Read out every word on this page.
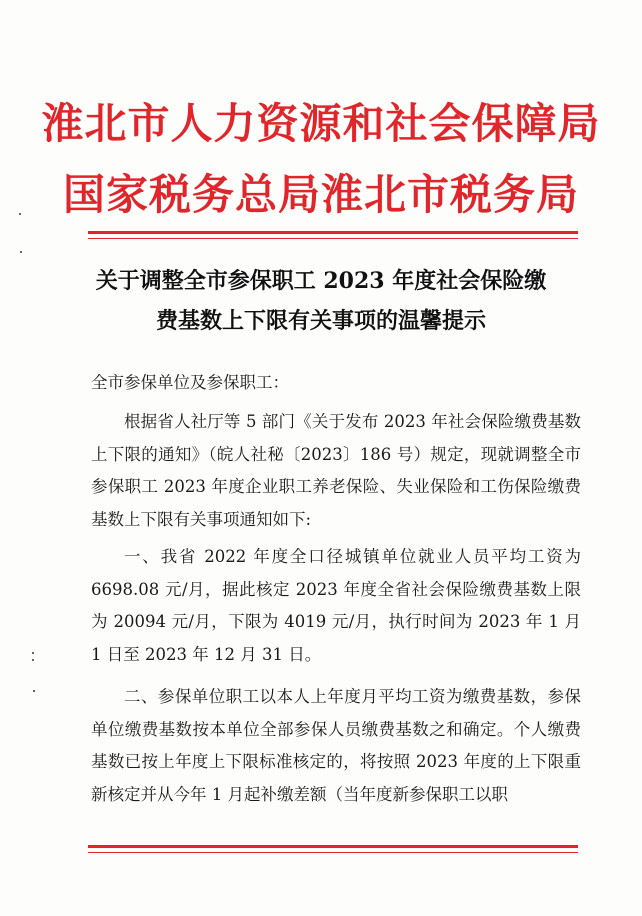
淮北市人力资源和社会保障局
国家税务总局淮北市税务局
关于调整全市参保职工 2023 年度社会保险缴
费基数上下限有关事项的温馨提示
全市参保单位及参保职工：
根据省人社厅等 5 部门《关于发布 2023 年社会保险缴费基数上下限的通知》（皖人社秘〔2023〕186 号）规定，现就调整全市参保职工 2023 年度企业职工养老保险、失业保险和工伤保险缴费基数上下限有关事项通知如下:
一、我省 2022 年度全口径城镇单位就业人员平均工资为 6698.08 元/月，据此核定 2023 年度全省社会保险缴费基数上限为 20094 元/月，下限为 4019 元/月，执行时间为 2023 年 1 月 1 日至 2023 年 12 月 31 日。
二、参保单位职工以本人上年度月平均工资为缴费基数，参保单位缴费基数按本单位全部参保人员缴费基数之和确定。个人缴费基数已按上年度上下限标准核定的，将按照 2023 年度的上下限重新核定并从今年 1 月起补缴差额（当年度新参保职工以职
